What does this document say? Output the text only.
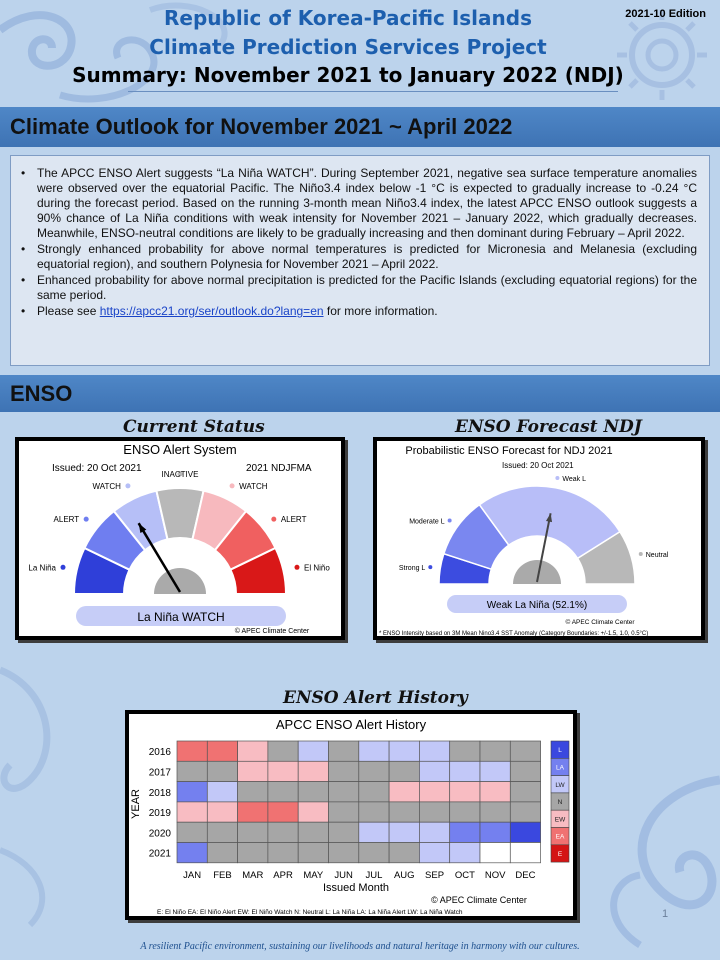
Republic of Korea-Pacific Islands
Climate Prediction Services Project
Summary: November 2021 to January 2022 (NDJ)
2021-10 Edition
Climate Outlook for November 2021 ~ April 2022
• The APCC ENSO Alert suggests “La Niña WATCH”. During September 2021, negative sea surface temperature anomalies were observed over the equatorial Pacific. The Niño3.4 index below -1 °C is expected to gradually increase to -0.24 °C during the forecast period. Based on the running 3-month mean Niño3.4 index, the latest APCC ENSO outlook suggests a 90% chance of La Niña conditions with weak intensity for November 2021 – January 2022, which gradually decreases. Meanwhile, ENSO-neutral conditions are likely to be gradually increasing and then dominant during February – April 2022.
• Strongly enhanced probability for above normal temperatures is predicted for Micronesia and Melanesia (excluding equatorial region), and southern Polynesia for November 2021 – April 2022.
• Enhanced probability for above normal precipitation is predicted for the Pacific Islands (excluding equatorial regions) for the same period.
• Please see https://apcc21.org/ser/outlook.do?lang=en for more information.
ENSO
Current Status
ENSO Alert System
Issued: 20 Oct 2021	2021 NDJFMA
La Niña
ALERT
WATCH
INACTIVE
WATCH
ALERT
El Niño
La Niña WATCH
© APEC Climate Center
ENSO Forecast NDJ
Probabilistic ENSO Forecast for NDJ 2021
Issued: 20 Oct 2021
Strong L
Moderate L
Weak L
Neutral
Weak La Niña (52.1%)
© APEC Climate Center
* ENSO Intensity based on 3M Mean Nino3.4 SST Anomaly (Category Boundaries: +/-1.5, 1.0, 0.5°C)
ENSO Alert History
APCC ENSO Alert History
YEAR
Issued Month
© APEC Climate Center
E: El Niño EA: El Niño Alert EW: El Niño Watch N: Neutral L: La Niña LA: La Niña Alert LW: La Niña Watch
2016
2017
2018
2019
2020
2021
JAN FEB MAR APR MAY JUN JUL AUG SEP OCT NOV DEC
L
LA
LW
N
EW
EA
E
1
A resilient Pacific environment, sustaining our livelihoods and natural heritage in harmony with our cultures.
